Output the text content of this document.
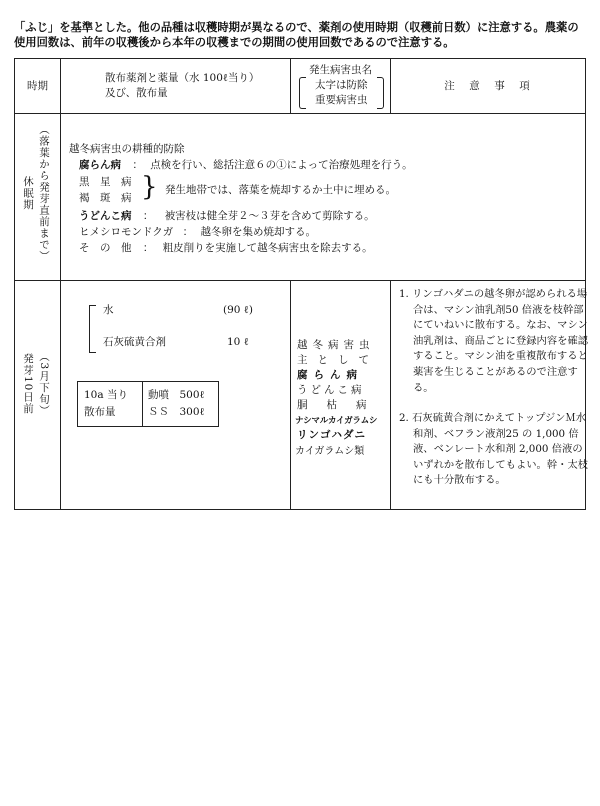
「ふじ」を基準とした。他の品種は収穫時期が異なるので、薬剤の使用時期（収穫前日数）に注意する。農薬の使用回数は、前年の収穫後から本年の収穫までの期間の使用回数であるので注意する。
時期
散布薬剤と薬量（水 100ℓ当り）
及び、散布量
発生病害虫名
太字は防除
重要病害虫
注　意　事　項
（落葉から発芽直前まで）
休眠期
越冬病害虫の耕種的防除
腐らん病 ： 点検を行い、総括注意６の①によって治療処理を行う。
黒　星　病
褐　斑　病 } 発生地帯では、落葉を焼却するか土中に埋める。
うどんこ病 ： 被害枝は健全芽２～３芽を含めて剪除する。
ヒメシロモンドクガ ： 越冬卵を集め焼却する。
そ　の　他 ： 粗皮削りを実施して越冬病害虫を除去する。
発芽10日前 （3月下旬）
水	(90 ℓ)
石灰硫黄合剤	10 ℓ
10a 当り
散布量
動噴　500ℓ
ＳＳ　300ℓ
越冬病害虫
主として
腐らん病
うどんこ病
胴枯病
ナシマルカイガラムシ
リンゴハダニ
カイガラムシ類
1. リンゴハダニの越冬卵が認められる場合は、マシン油乳剤50 倍液を枝幹部にていねいに散布する。なお、マシン油乳剤は、商品ごとに登録内容を確認すること。マシン油を重複散布すると薬害を生じることがあるので注意する。
2. 石灰硫黄合剤にかえてトップジンＭ水和剤、ベフラン液剤25 の 1,000 倍液、ベンレート水和剤 2,000 倍液のいずれかを散布してもよい。幹・太枝にも十分散布する。
